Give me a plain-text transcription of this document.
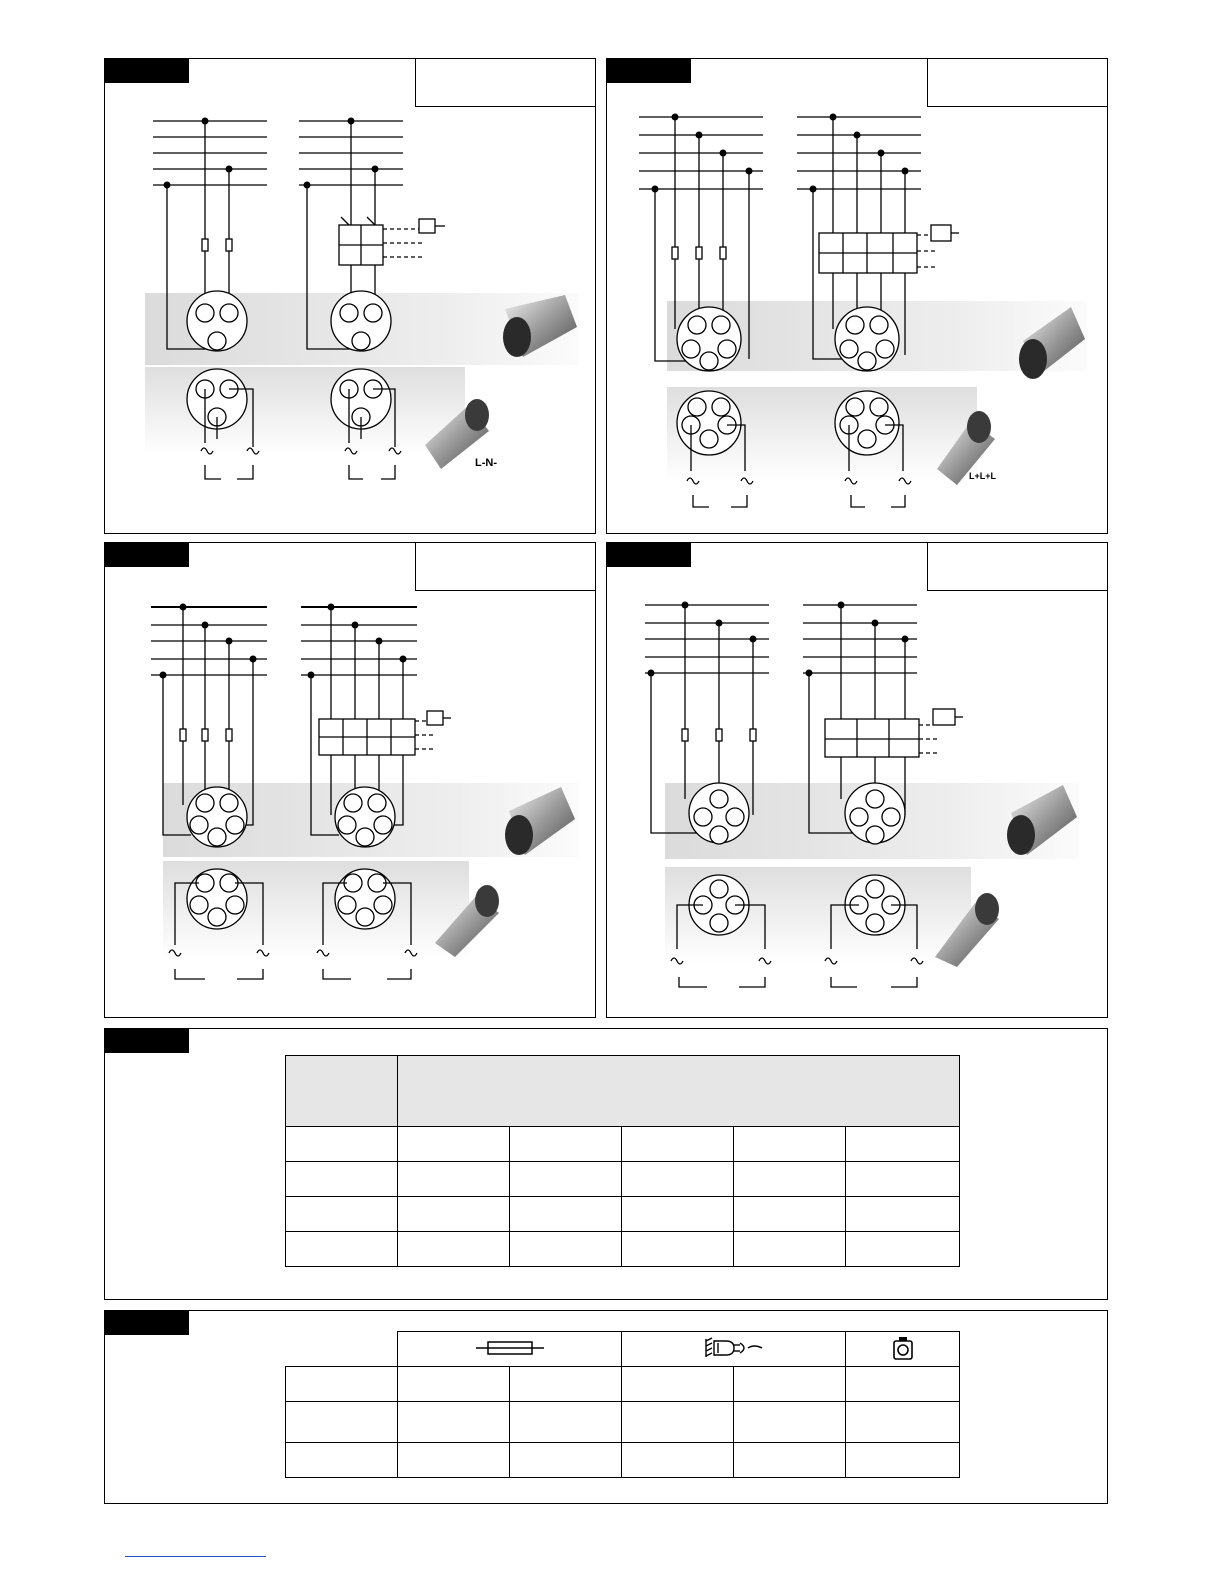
L-N-
L+L+L
